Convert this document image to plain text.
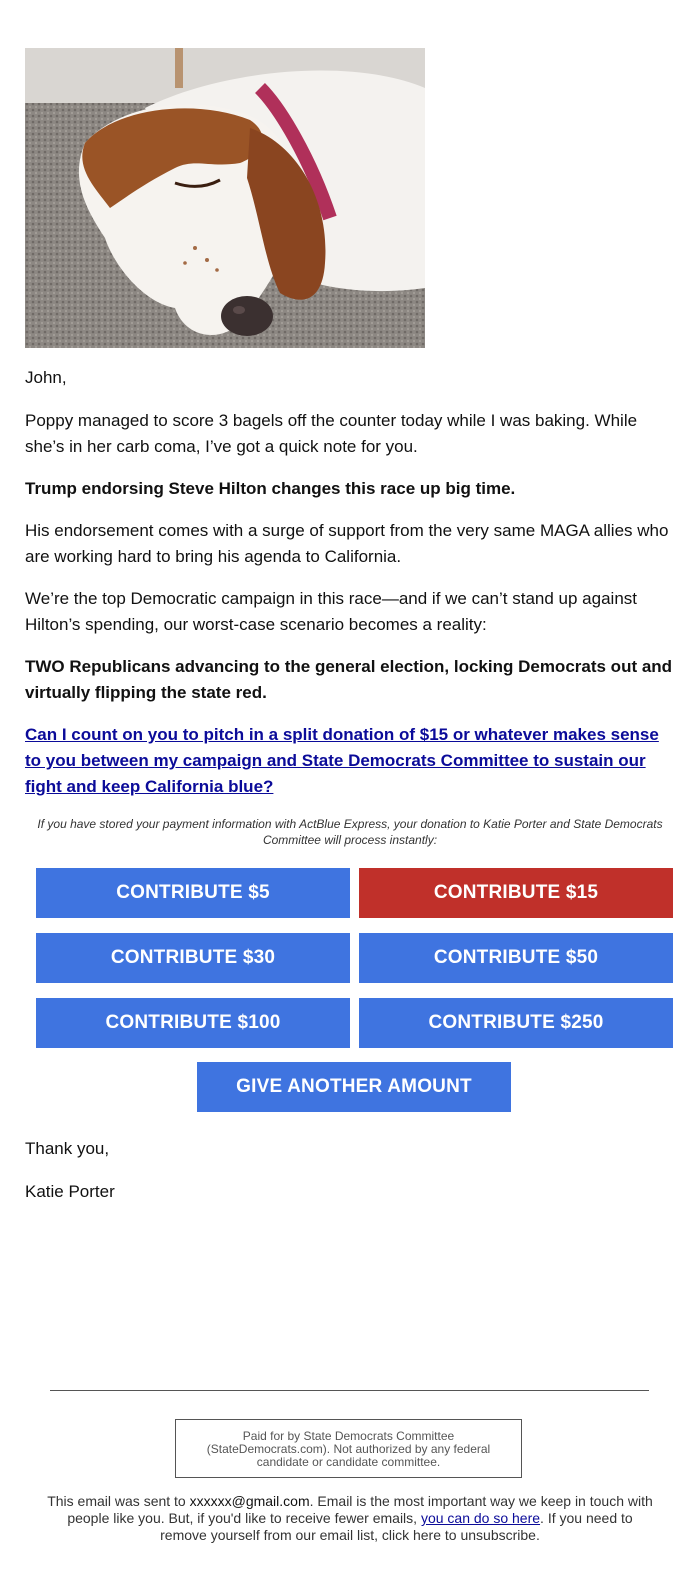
John,

Poppy managed to score 3 bagels off the counter today while I was baking. While she’s in her carb coma, I’ve got a quick note for you.

Trump endorsing Steve Hilton changes this race up big time.

His endorsement comes with a surge of support from the very same MAGA allies who are working hard to bring his agenda to California.

We’re the top Democratic campaign in this race—and if we can’t stand up against Hilton’s spending, our worst-case scenario becomes a reality:

TWO Republicans advancing to the general election, locking Democrats out and virtually flipping the state red.

Can I count on you to pitch in a split donation of $15 or whatever makes sense to you between my campaign and State Democrats Committee to sustain our fight and keep California blue?

If you have stored your payment information with ActBlue Express, your donation to Katie Porter and State Democrats Committee will process instantly:
CONTRIBUTE $5	CONTRIBUTE $15
CONTRIBUTE $30	CONTRIBUTE $50
CONTRIBUTE $100	CONTRIBUTE $250
GIVE ANOTHER AMOUNT

Thank you,

Katie Porter

Paid for by State Democrats Committee (StateDemocrats.com). Not authorized by any federal candidate or candidate committee.
This email was sent to xxxxxx@gmail.com. Email is the most important way we keep in touch with people like you. But, if you'd like to receive fewer emails, you can do so here. If you need to remove yourself from our email list, click here to unsubscribe.
